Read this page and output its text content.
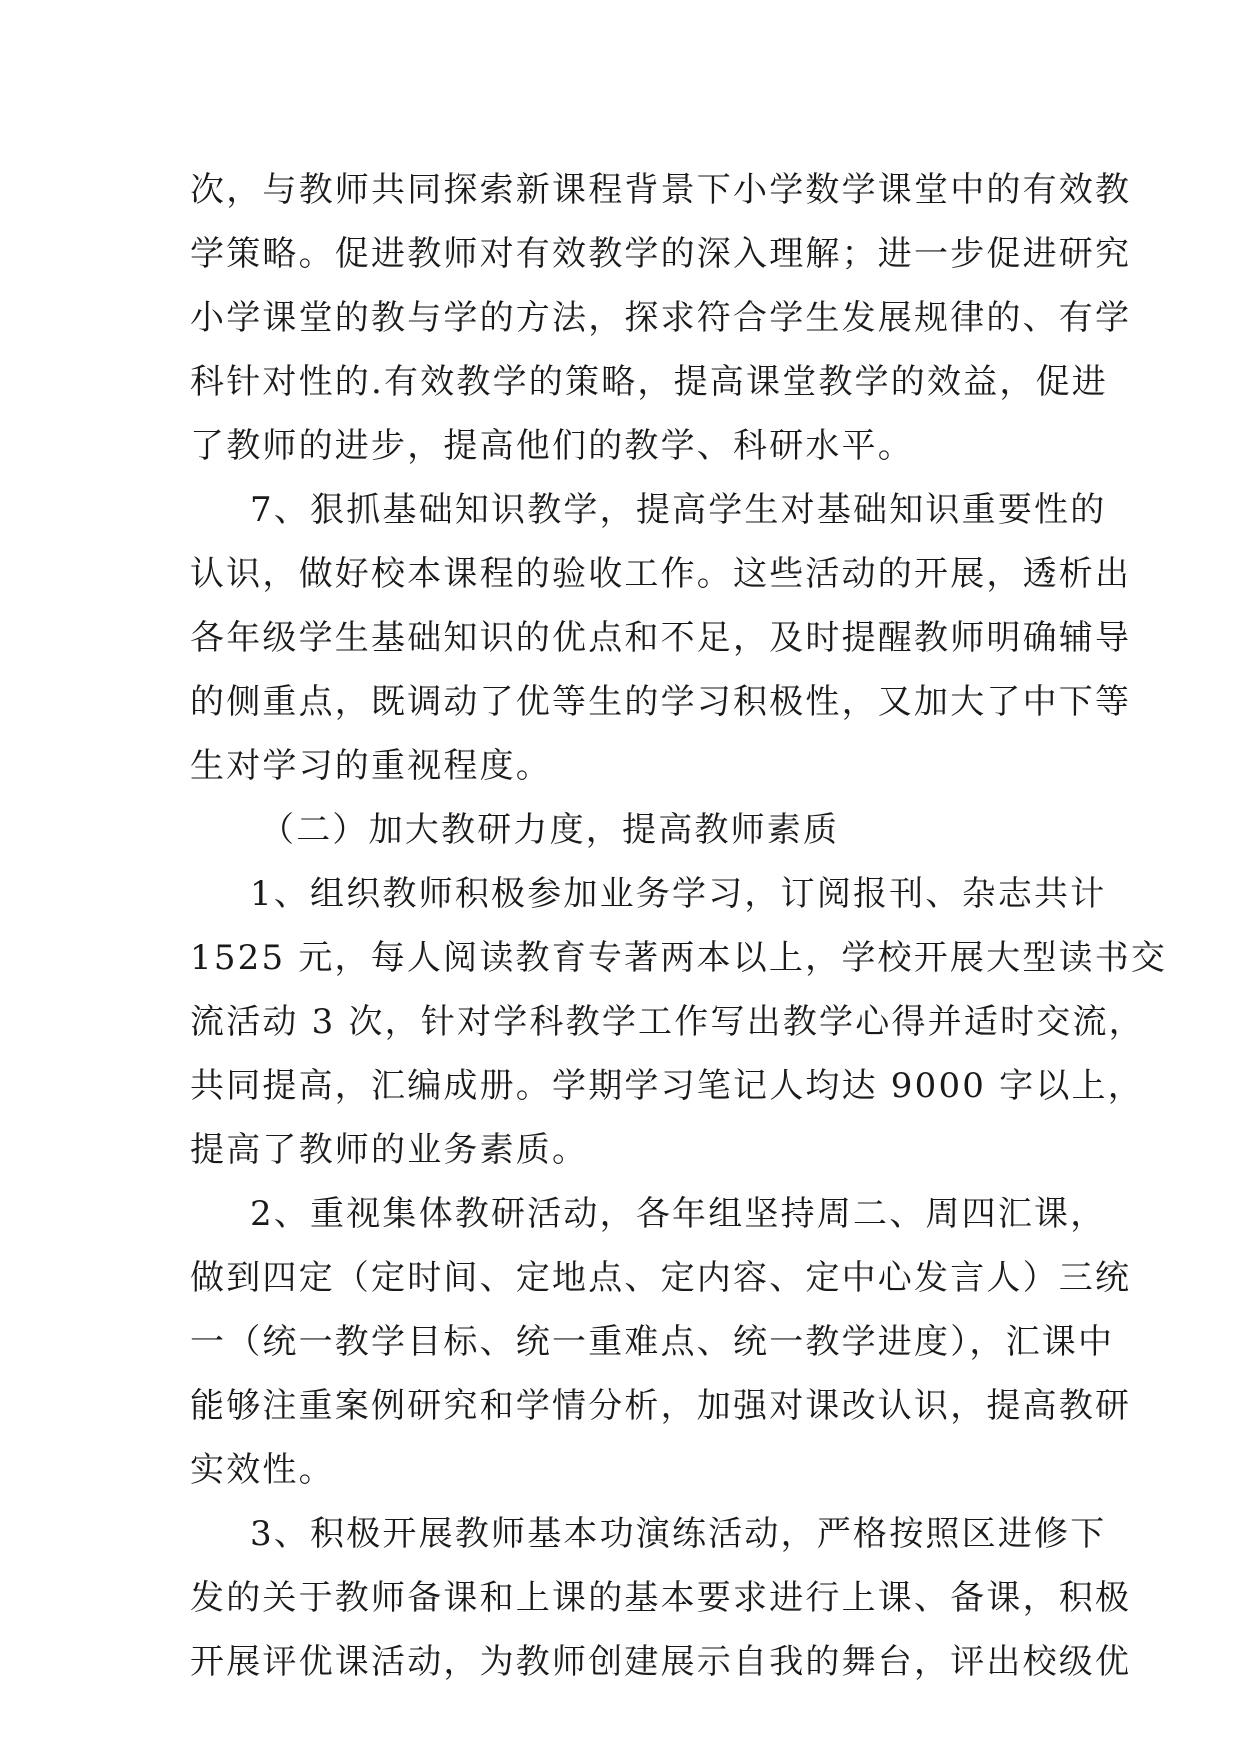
次，与教师共同探索新课程背景下小学数学课堂中的有效教
学策略。促进教师对有效教学的深入理解；进一步促进研究
小学课堂的教与学的方法，探求符合学生发展规律的、有学
科针对性的.有效教学的策略，提高课堂教学的效益，促进
了教师的进步，提高他们的教学、科研水平。
7、狠抓基础知识教学，提高学生对基础知识重要性的
认识，做好校本课程的验收工作。这些活动的开展，透析出
各年级学生基础知识的优点和不足，及时提醒教师明确辅导
的侧重点，既调动了优等生的学习积极性，又加大了中下等
生对学习的重视程度。
（二）加大教研力度，提高教师素质
1、组织教师积极参加业务学习，订阅报刊、杂志共计
1525 元，每人阅读教育专著两本以上，学校开展大型读书交
流活动 3 次，针对学科教学工作写出教学心得并适时交流，
共同提高，汇编成册。学期学习笔记人均达 9000 字以上，
提高了教师的业务素质。
2、重视集体教研活动，各年组坚持周二、周四汇课，
做到四定（定时间、定地点、定内容、定中心发言人）三统
一（统一教学目标、统一重难点、统一教学进度），汇课中
能够注重案例研究和学情分析，加强对课改认识，提高教研
实效性。
3、积极开展教师基本功演练活动，严格按照区进修下
发的关于教师备课和上课的基本要求进行上课、备课，积极
开展评优课活动，为教师创建展示自我的舞台，评出校级优
